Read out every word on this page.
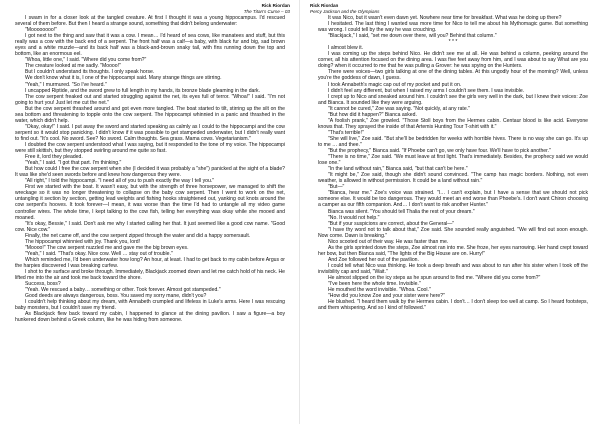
Rick Riordan
The Titan's Curse – 03

I swam in for a closer look at the tangled creature. At first I thought it was a young hippocampus. I'd rescued several of them before. But then I heard a strange sound, something that didn't belong underwater:

"Moooooooo!"

I got next to the thing and saw that it was a cow. I mean… I'd heard of sea cows, like manatees and stuff, but this really was a cow with the back end of a serpent. The front half was a calf—a baby, with black fur and big, sad brown eyes and a white muzzle—and its back half was a black-and-brown snaky tail, with fins running down the top and bottom, like an enormous eel.

"Whoa, little one," I said. "Where did you come from?"

The creature looked at me sadly. "Moooo!"

But I couldn't understand its thoughts. I only speak horse.

We don't know what it is, I one of the hippocampi said. Many strange things are stirring.

"Yeah," I murmured. "So I've heard."

I uncapped Riptide, and the sword grew to full length in my hands, its bronze blade gleaming in the dark.

The cow serpent freaked out and started struggling against the net, its eyes full of terror. "Whoa!" I said. "I'm not going to hurt you! Just let me cut the net."

But the cow serpent thrashed around and got even more tangled. The boat started to tilt, stirring up the silt on the sea bottom and threatening to topple onto the cow serpent. The hippocampi whinnied in a panic and thrashed in the water, which didn't help.

"Okay, okay!" I said. I put away the sword and started speaking as calmly as I could to the hippocampi and the cow serpent so it would stop panicking. I didn't know if it was possible to get stampeded underwater, but I didn't really want to find out. "It's cool. No sword. See? No sword. Calm thoughts. Sea grass. Mama cows. Vegetarianism."

I doubted the cow serpent understood what I was saying, but it responded to the tone of my voice. The hippocampi were still skittish, but they stopped swirling around me quite so fast.

Free it, lord they pleaded.

"Yeah," I said. "I got that part. I'm thinking."

But how could I free the cow serpent when she (I decided it was probably a "she") panicked at the sight of a blade? It was like she'd seen swords before and knew how dangerous they were.

"All right," I told the hippocampi. "I need all of you to push exactly the way I tell you."

First we started with the boat. It wasn't easy, but with the strength of three horsepower, we managed to shift the wreckage so it was no longer threatening to collapse on the baby cow serpent. Then I went to work on the net, untangling it section by section, getting lead weights and fishing hooks straightened out, yanking out knots around the cow serpent's hooves. It took forever—I mean, it was worse than the time I'd had to untangle all my video game controller wires. The whole time, I kept talking to the cow fish, telling her everything was okay while she mooed and moaned.

"It's okay, Bessie," I said. Don't ask me why I started calling her that. It just seemed like a good cow name. "Good cow. Nice cow."

Finally, the net came off, and the cow serpent zipped through the water and did a happy somersault.

The hippocampi whinnied with joy. Thank you, lord!

"Moooo!" The cow serpent nuzzled me and gave me the big brown eyes.

"Yeah," I said. "That's okay. Nice cow. Well … stay out of trouble."

Which reminded me, I'd been underwater how long? An hour, at least. I had to get back to my cabin before Argus or the harpies discovered I was breaking curfew.

I shot to the surface and broke through. Immediately, Blackjack zoomed down and let me catch hold of his neck. He lifted me into the air and took me back toward the shore.

Success, boss?

"Yeah. We rescued a baby… something or other. Took forever. Almost got stampeded."

Good deeds are always dangerous, boss. You saved my sorry mane, didn't you?

I couldn't help thinking about my dream, with Annabeth crumpled and lifeless in Luke's arms. Here I was rescuing baby monsters, but I couldn't save my friend.

As Blackjack flew back toward my cabin, I happened to glance at the dining pavilion. I saw a figure—a boy hunkered down behind a Greek column, like he was hiding from someone.

Rick Riordan
Percy Jackson and the Olympians

It was Nico, but it wasn't even dawn yet. Nowhere near time for breakfast. What was he doing up there?

I hesitated. The last thing I wanted was more time for Nico to tell me about his Mythomagic game. But something was wrong. I could tell by the way he was crouching.

"Blackjack," I said, "set me down over there, will you? Behind that column."

* * *

I almost blew it.

I was coming up the steps behind Nico. He didn't see me at all. He was behind a column, peeking around the corner, all his attention focused on the dining area. I was five feet away from him, and I was about to say What are you doing? when it occurred to me that he was pulling a Grover: he was spying on the Hunters.

There were voices—two girls talking at one of the dining tables. At this ungodly hour of the morning? Well, unless you're the goddess of dawn, I guess.

I took Annabeth's magic cap out of my pocket and put it on.

I didn't feel any different, but when I raised my arms I couldn't see them. I was invisible.

I crept up to Nico and sneaked around him. I couldn't see the girls very well in the dark, but I knew their voices: Zoe and Bianca. It sounded like they were arguing.

"It cannot be cured," Zoe was saying. "Not quickly, at any rate."

"But how did it happen?" Bianca asked.

"A foolish prank," Zoe growled. "Those Stoll boys from the Hermes cabin. Centaur blood is like acid. Everyone knows that. They sprayed the inside of that Artemis Hunting Tour T-shirt with it."

"That's terrible!"

"She will live," Zoe said. "But she'll be bedridden for weeks with horrible hives. There is no way she can go. It's up to me … and thee."

"But the prophecy," Bianca said. "If Phoebe can't go, we only have four. We'll have to pick another."

"There is no time," Zoe said. "We must leave at first light. That's immediately. Besides, the prophecy said we would lose one."

"In the land without rain," Bianca said, "but that can't be here."

"It might be," Zoe said, though she didn't sound convinced. "The camp has magic borders. Nothing, not even weather, is allowed in without permission. It could be a land without rain."

"But—"

"Bianca, hear me." Zoe's voice was strained. "I… I can't explain, but I have a sense that we should not pick someone else. It would be too dangerous. They would meet an end worse than Phoebe's. I don't want Chiron choosing a camper as our fifth companion. And… I don't want to risk another Hunter."

Bianca was silent. "You should tell Thalia the rest of your dream."

"No. It would not help."

"But if your suspicions are correct, about the General—"

"I have thy word not to talk about that," Zoe said. She sounded really anguished. "We will find out soon enough. Now come. Dawn is breaking."

Nico scooted out of their way. He was faster than me.

As the girls sprinted down the steps, Zoe almost ran into me. She froze, her eyes narrowing. Her hand crept toward her bow, but then Bianca said, "The lights of the Big House are on. Hurry!"

And Zoe followed her out of the pavilion.

I could tell what Nico was thinking. He took a deep breath and was about to run after his sister when I took off the invisibility cap and said, "Wait."

He almost slipped on the icy steps as he spun around to find me. "Where did you come from?"

"I've been here the whole time. Invisible."

He mouthed the word invisible. "Whoa. Cool."

"How did you know Zoe and your sister were here?"

He blushed. "I heard them walk by the Hermes cabin. I don't… I don't sleep too well at camp. So I heard footsteps, and them whispering. And so I kind of followed."
